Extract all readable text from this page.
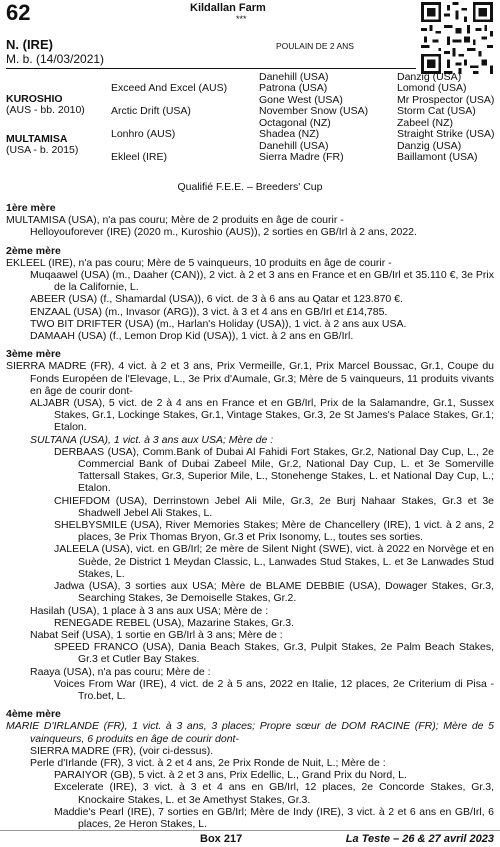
62	Kildallan Farm
***
N. (IRE)
M. b. (14/03/2021)
POULAIN DE 2 ANS
KUROSHIO
(AUS - bb. 2010)
MULTAMISA
(USA - b. 2015)
Exceed And Excel (AUS)
Arctic Drift (USA)
Lonhro (AUS)
Ekleel (IRE)
Danehill (USA)
Patrona (USA)
Gone West (USA)
November Snow (USA)
Octagonal (NZ)
Shadea (NZ)
Danehill (USA)
Sierra Madre (FR)
Danzig (USA)
Lomond (USA)
Mr Prospector (USA)
Storm Cat (USA)
Zabeel (NZ)
Straight Strike (USA)
Danzig (USA)
Baillamont (USA)
Qualifié F.E.E. – Breeders' Cup

1ère mère

MULTAMISA (USA), n'a pas couru; Mère de 2 produits en âge de courir -

Helloyouforever (IRE) (2020 m., Kuroshio (AUS)), 2 sorties en GB/Irl à 2 ans, 2022.

2ème mère

EKLEEL (IRE), n'a pas couru; Mère de 5 vainqueurs, 10 produits en âge de courir -

Muqaawel (USA) (m., Daaher (CAN)), 2 vict. à 2 et 3 ans en France et en GB/Irl et 35.110 €, 3e Prix de la Californie, L.

ABEER (USA) (f., Shamardal (USA)), 6 vict. de 3 à 6 ans au Qatar et 123.870 €.

ENZAAL (USA) (m., Invasor (ARG)), 3 vict. à 3 et 4 ans en GB/Irl et £14,785.

TWO BIT DRIFTER (USA) (m., Harlan's Holiday (USA)), 1 vict. à 2 ans aux USA.

DAMAAH (USA) (f., Lemon Drop Kid (USA)), 1 vict. à 2 ans en GB/Irl.

3ème mère

SIERRA MADRE (FR), 4 vict. à 2 et 3 ans, Prix Vermeille, Gr.1, Prix Marcel Boussac, Gr.1, Coupe du Fonds Européen de l'Elevage, L., 3e Prix d'Aumale, Gr.3; Mère de 5 vainqueurs, 11 produits vivants en âge de courir dont-

ALJABR (USA), 5 vict. de 2 à 4 ans en France et en GB/Irl, Prix de la Salamandre, Gr.1, Sussex Stakes, Gr.1, Lockinge Stakes, Gr.1, Vintage Stakes, Gr.3, 2e St James's Palace Stakes, Gr.1; Etalon.

SULTANA (USA), 1 vict. à 3 ans aux USA; Mère de :

DERBAAS (USA), Comm.Bank of Dubai Al Fahidi Fort Stakes, Gr.2, National Day Cup, L., 2e Commercial Bank of Dubai Zabeel Mile, Gr.2, National Day Cup, L. et 3e Somerville Tattersall Stakes, Gr.3, Superior Mile, L., Stonehenge Stakes, L. et National Day Cup, L.; Etalon.

CHIEFDOM (USA), Derrinstown Jebel Ali Mile, Gr.3, 2e Burj Nahaar Stakes, Gr.3 et 3e Shadwell Jebel Ali Stakes, L.

SHELBYSMILE (USA), River Memories Stakes; Mère de Chancellery (IRE), 1 vict. à 2 ans, 2 places, 3e Prix Thomas Bryon, Gr.3 et Prix Isonomy, L., toutes ses sorties.

JALEELA (USA), vict. en GB/Irl; 2e mère de Silent Night (SWE), vict. à 2022 en Norvège et en Suède, 2e District 1 Meydan Classic, L., Lanwades Stud Stakes, L. et 3e Lanwades Stud Stakes, L.

Jadwa (USA), 3 sorties aux USA; Mère de BLAME DEBBIE (USA), Dowager Stakes, Gr.3, Searching Stakes, 3e Demoiselle Stakes, Gr.2.

Hasilah (USA), 1 place à 3 ans aux USA; Mère de :

RENEGADE REBEL (USA), Mazarine Stakes, Gr.3.

Nabat Seif (USA), 1 sortie en GB/Irl à 3 ans; Mère de :

SPEED FRANCO (USA), Dania Beach Stakes, Gr.3, Pulpit Stakes, 2e Palm Beach Stakes, Gr.3 et Cutler Bay Stakes.

Raaya (USA), n'a pas couru; Mère de :

Voices From War (IRE), 4 vict. de 2 à 5 ans, 2022 en Italie, 12 places, 2e Criterium di Pisa - Tro.bet, L.

4ème mère

MARIE D'IRLANDE (FR), 1 vict. à 3 ans, 3 places; Propre sœur de DOM RACINE (FR); Mère de 5 vainqueurs, 6 produits en âge de courir dont-

SIERRA MADRE (FR), (voir ci-dessus).

Perle d'Irlande (FR), 3 vict. à 2 et 4 ans, 2e Prix Ronde de Nuit, L.; Mère de :

PARAIYOR (GB), 5 vict. à 2 et 3 ans, Prix Edellic, L., Grand Prix du Nord, L.

Excelerate (IRE), 3 vict. à 3 et 4 ans en GB/Irl, 12 places, 2e Concorde Stakes, Gr.3, Knockaire Stakes, L. et 3e Amethyst Stakes, Gr.3.

Maddie's Pearl (IRE), 7 sorties en GB/Irl; Mère de Indy (IRE), 3 vict. à 2 et 6 ans en GB/Irl, 6 places, 2e Heron Stakes, L.

Box 217	La Teste – 26 & 27 avril 2023
